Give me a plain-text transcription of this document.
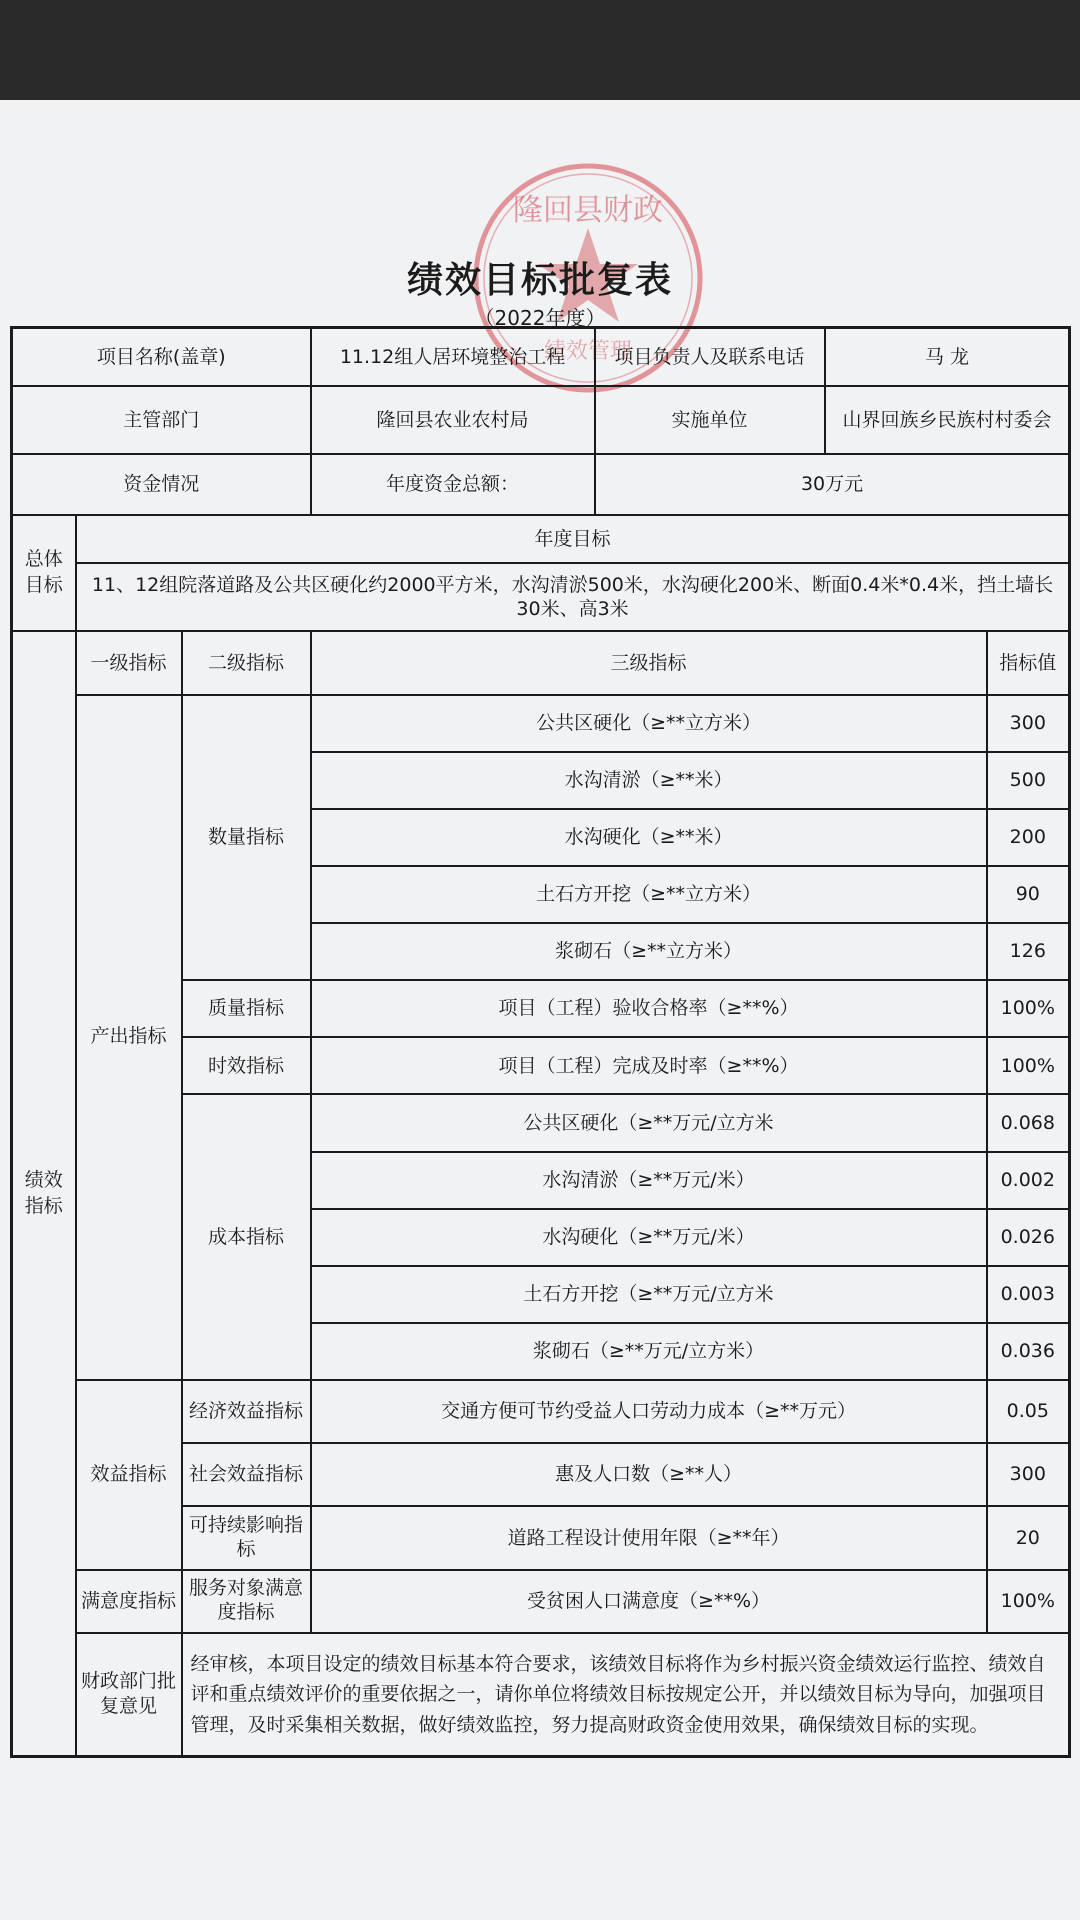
隆回县财政
绩效管理
绩效目标批复表
（2022年度）
项目名称(盖章)			11.12组人居环境整治工程	项目负责人及联系电话	马 龙	
主管部门			隆回县农业农村局	实施单位	山界回族乡民族村村委会	
资金情况			年度资金总额：	30万元		
总体目标	年度目标					
	11、12组院落道路及公共区硬化约2000平方米，水沟清淤500米，水沟硬化200米、断面0.4米*0.4米，挡土墙长30米、高3米					
绩效指标	一级指标	二级指标	三级指标			指标值
	产出指标	数量指标	公共区硬化（≥**立方米）			300
			水沟清淤（≥**米）			500
			水沟硬化（≥**米）			200
			土石方开挖（≥**立方米）			90
			浆砌石（≥**立方米）			126
		质量指标	项目（工程）验收合格率（≥**%）			100%
		时效指标	项目（工程）完成及时率（≥**%）			100%
		成本指标	公共区硬化（≥**万元/立方米			0.068
			水沟清淤（≥**万元/米）			0.002
			水沟硬化（≥**万元/米）			0.026
			土石方开挖（≥**万元/立方米			0.003
			浆砌石（≥**万元/立方米）			0.036
	效益指标	经济效益指标	交通方便可节约受益人口劳动力成本（≥**万元）			0.05
		社会效益指标	惠及人口数（≥**人）			300
		可持续影响指标	道路工程设计使用年限（≥**年）			20
	满意度指标	服务对象满意度指标	受贫困人口满意度（≥**%）			100%
	财政部门批复意见	经审核，本项目设定的绩效目标基本符合要求，该绩效目标将作为乡村振兴资金绩效运行监控、绩效自评和重点绩效评价的重要依据之一，请你单位将绩效目标按规定公开，并以绩效目标为导向，加强项目管理，及时采集相关数据，做好绩效监控，努力提高财政资金使用效果，确保绩效目标的实现。				
